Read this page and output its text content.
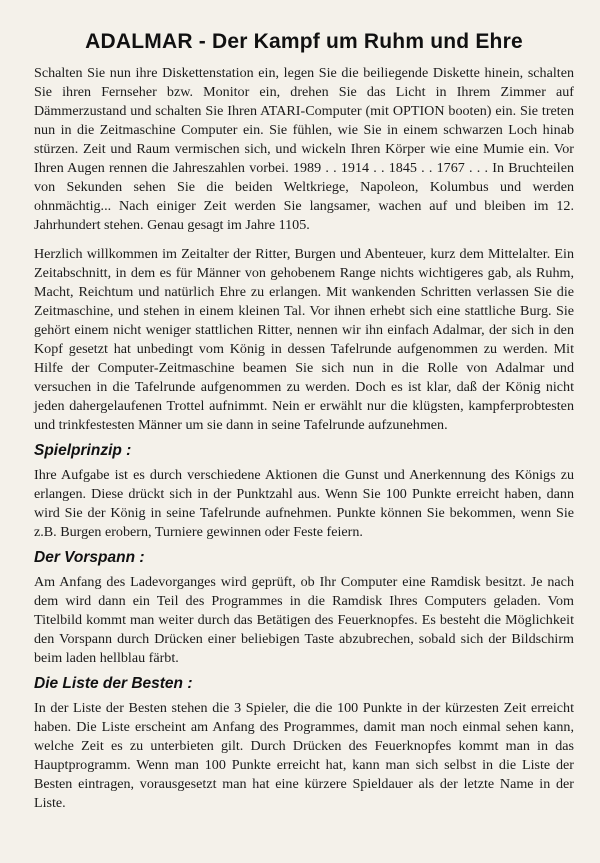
ADALMAR - Der Kampf um Ruhm und Ehre

Schalten Sie nun ihre Diskettenstation ein, legen Sie die beiliegende Diskette hinein, schalten Sie ihren Fernseher bzw. Monitor ein, drehen Sie das Licht in Ihrem Zimmer auf Dämmerzustand und schalten Sie Ihren ATARI-Computer (mit OPTION booten) ein. Sie treten nun in die Zeitmaschine Computer ein. Sie fühlen, wie Sie in einem schwarzen Loch hinab stürzen. Zeit und Raum vermischen sich, und wickeln Ihren Körper wie eine Mumie ein. Vor Ihren Augen rennen die Jahreszahlen vorbei. 1989 . . 1914 . . 1845 . . 1767 . . . In Bruchteilen von Sekunden sehen Sie die beiden Weltkriege, Napoleon, Kolumbus und werden ohnmächtig... Nach einiger Zeit werden Sie langsamer, wachen auf und bleiben im 12. Jahrhundert stehen. Genau gesagt im Jahre 1105.

Herzlich willkommen im Zeitalter der Ritter, Burgen und Abenteuer, kurz dem Mittelalter. Ein Zeitabschnitt, in dem es für Männer von gehobenem Range nichts wichtigeres gab, als Ruhm, Macht, Reichtum und natürlich Ehre zu erlangen. Mit wankenden Schritten verlassen Sie die Zeitmaschine, und stehen in einem kleinen Tal. Vor ihnen erhebt sich eine stattliche Burg. Sie gehört einem nicht weniger stattlichen Ritter, nennen wir ihn einfach Adalmar, der sich in den Kopf gesetzt hat unbedingt vom König in dessen Tafelrunde aufgenommen zu werden. Mit Hilfe der Computer-Zeitmaschine beamen Sie sich nun in die Rolle von Adalmar und versuchen in die Tafelrunde aufgenommen zu werden. Doch es ist klar, daß der König nicht jeden dahergelaufenen Trottel aufnimmt. Nein er erwählt nur die klügsten, kampferprobtesten und trinkfestesten Männer um sie dann in seine Tafelrunde aufzunehmen.

Spielprinzip :

Ihre Aufgabe ist es durch verschiedene Aktionen die Gunst und Anerkennung des Königs zu erlangen. Diese drückt sich in der Punktzahl aus. Wenn Sie 100 Punkte erreicht haben, dann wird Sie der König in seine Tafelrunde aufnehmen. Punkte können Sie bekommen, wenn Sie z.B. Burgen erobern, Turniere gewinnen oder Feste feiern.

Der Vorspann :

Am Anfang des Ladevorganges wird geprüft, ob Ihr Computer eine Ramdisk besitzt. Je nach dem wird dann ein Teil des Programmes in die Ramdisk Ihres Computers geladen. Vom Titelbild kommt man weiter durch das Betätigen des Feuerknopfes. Es besteht die Möglichkeit den Vorspann durch Drücken einer beliebigen Taste abzubrechen, sobald sich der Bildschirm beim laden hellblau färbt.

Die Liste der Besten :

In der Liste der Besten stehen die 3 Spieler, die die 100 Punkte in der kürzesten Zeit erreicht haben. Die Liste erscheint am Anfang des Programmes, damit man noch einmal sehen kann, welche Zeit es zu unterbieten gilt. Durch Drücken des Feuerknopfes kommt man in das Hauptprogramm. Wenn man 100 Punkte erreicht hat, kann man sich selbst in die Liste der Besten eintragen, vorausgesetzt man hat eine kürzere Spieldauer als der letzte Name in der Liste.
